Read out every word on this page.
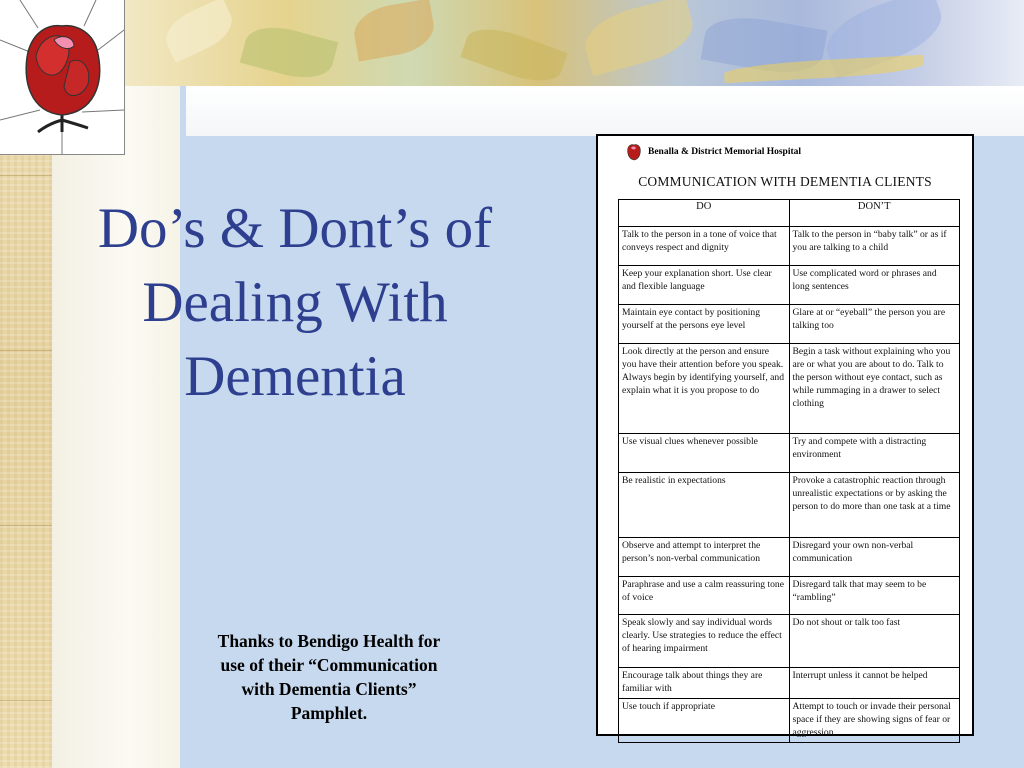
Do’s & Dont’s of
Dealing With
Dementia
Thanks to Bendigo Health for
use of their “Communication
with Dementia Clients”
Pamphlet.
Benalla & District Memorial Hospital
COMMUNICATION WITH DEMENTIA CLIENTS
DO	DON’T
Talk to the person in a tone of voice that conveys respect and dignity	Talk to the person in “baby talk” or as if you are talking to a child
Keep your explanation short. Use clear and flexible language	Use complicated word or phrases and long sentences
Maintain eye contact by positioning yourself at the persons eye level	Glare at or “eyeball” the person you are talking too
Look directly at the person and ensure you have their attention before you speak. Always begin by identifying yourself, and explain what it is you propose to do	Begin a task without explaining who you are or what you are about to do. Talk to the person without eye contact, such as while rummaging in a drawer to select clothing
Use visual clues whenever possible	Try and compete with a distracting environment
Be realistic in expectations	Provoke a catastrophic reaction through unrealistic expectations or by asking the person to do more than one task at a time
Observe and attempt to interpret the person’s non-verbal communication	Disregard your own non-verbal communication
Paraphrase and use a calm reassuring tone of voice	Disregard talk that may seem to be “rambling”
Speak slowly and say individual words clearly. Use strategies to reduce the effect of hearing impairment	Do not shout or talk too fast
Encourage talk about things they are familiar with	Interrupt unless it cannot be helped
Use touch if appropriate	Attempt to touch or invade their personal space if they are showing signs of fear or aggression
